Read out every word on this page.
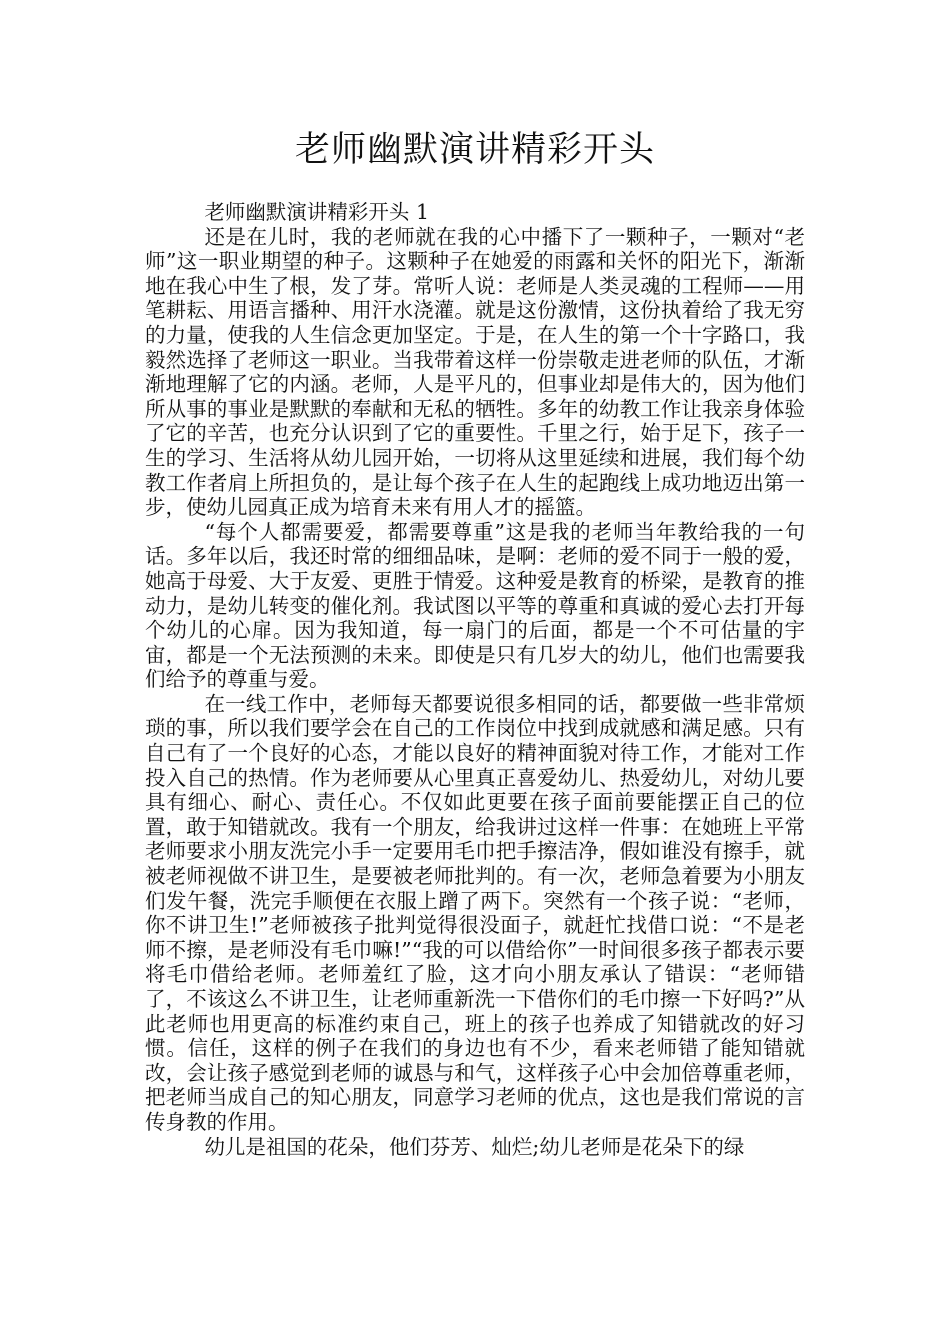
老师幽默演讲精彩开头

老师幽默演讲精彩开头 1

还是在儿时，我的老师就在我的心中播下了一颗种子，一颗对“老师”这一职业期望的种子。这颗种子在她爱的雨露和关怀的阳光下，渐渐地在我心中生了根，发了芽。常听人说：老师是人类灵魂的工程师——用笔耕耘、用语言播种、用汗水浇灌。就是这份激情，这份执着给了我无穷的力量，使我的人生信念更加坚定。于是，在人生的第一个十字路口，我毅然选择了老师这一职业。当我带着这样一份崇敬走进老师的队伍，才渐渐地理解了它的内涵。老师，人是平凡的，但事业却是伟大的，因为他们所从事的事业是默默的奉献和无私的牺牲。多年的幼教工作让我亲身体验了它的辛苦，也充分认识到了它的重要性。千里之行，始于足下，孩子一生的学习、生活将从幼儿园开始，一切将从这里延续和进展，我们每个幼教工作者肩上所担负的，是让每个孩子在人生的起跑线上成功地迈出第一步，使幼儿园真正成为培育未来有用人才的摇篮。

“每个人都需要爱，都需要尊重”这是我的老师当年教给我的一句话。多年以后，我还时常的细细品味，是啊：老师的爱不同于一般的爱，她高于母爱、大于友爱、更胜于情爱。这种爱是教育的桥梁，是教育的推动力，是幼儿转变的催化剂。我试图以平等的尊重和真诚的爱心去打开每个幼儿的心扉。因为我知道，每一扇门的后面，都是一个不可估量的宇宙，都是一个无法预测的未来。即使是只有几岁大的幼儿，他们也需要我们给予的尊重与爱。

在一线工作中，老师每天都要说很多相同的话，都要做一些非常烦琐的事，所以我们要学会在自己的工作岗位中找到成就感和满足感。只有自己有了一个良好的心态，才能以良好的精神面貌对待工作，才能对工作投入自己的热情。作为老师要从心里真正喜爱幼儿、热爱幼儿，对幼儿要具有细心、耐心、责任心。不仅如此更要在孩子面前要能摆正自己的位置，敢于知错就改。我有一个朋友，给我讲过这样一件事：在她班上平常老师要求小朋友洗完小手一定要用毛巾把手擦洁净，假如谁没有擦手，就被老师视做不讲卫生，是要被老师批判的。有一次，老师急着要为小朋友们发午餐，洗完手顺便在衣服上蹭了两下。突然有一个孩子说：“老师，你不讲卫生!”老师被孩子批判觉得很没面子，就赶忙找借口说：“不是老师不擦，是老师没有毛巾嘛!”“我的可以借给你”一时间很多孩子都表示要将毛巾借给老师。老师羞红了脸，这才向小朋友承认了错误：“老师错了，不该这么不讲卫生，让老师重新洗一下借你们的毛巾擦一下好吗?”从此老师也用更高的标准约束自己，班上的孩子也养成了知错就改的好习惯。信任，这样的例子在我们的身边也有不少，看来老师错了能知错就改，会让孩子感觉到老师的诚恳与和气，这样孩子心中会加倍尊重老师，把老师当成自己的知心朋友，同意学习老师的优点，这也是我们常说的言传身教的作用。

幼儿是祖国的花朵，他们芬芳、灿烂;幼儿老师是花朵下的绿
